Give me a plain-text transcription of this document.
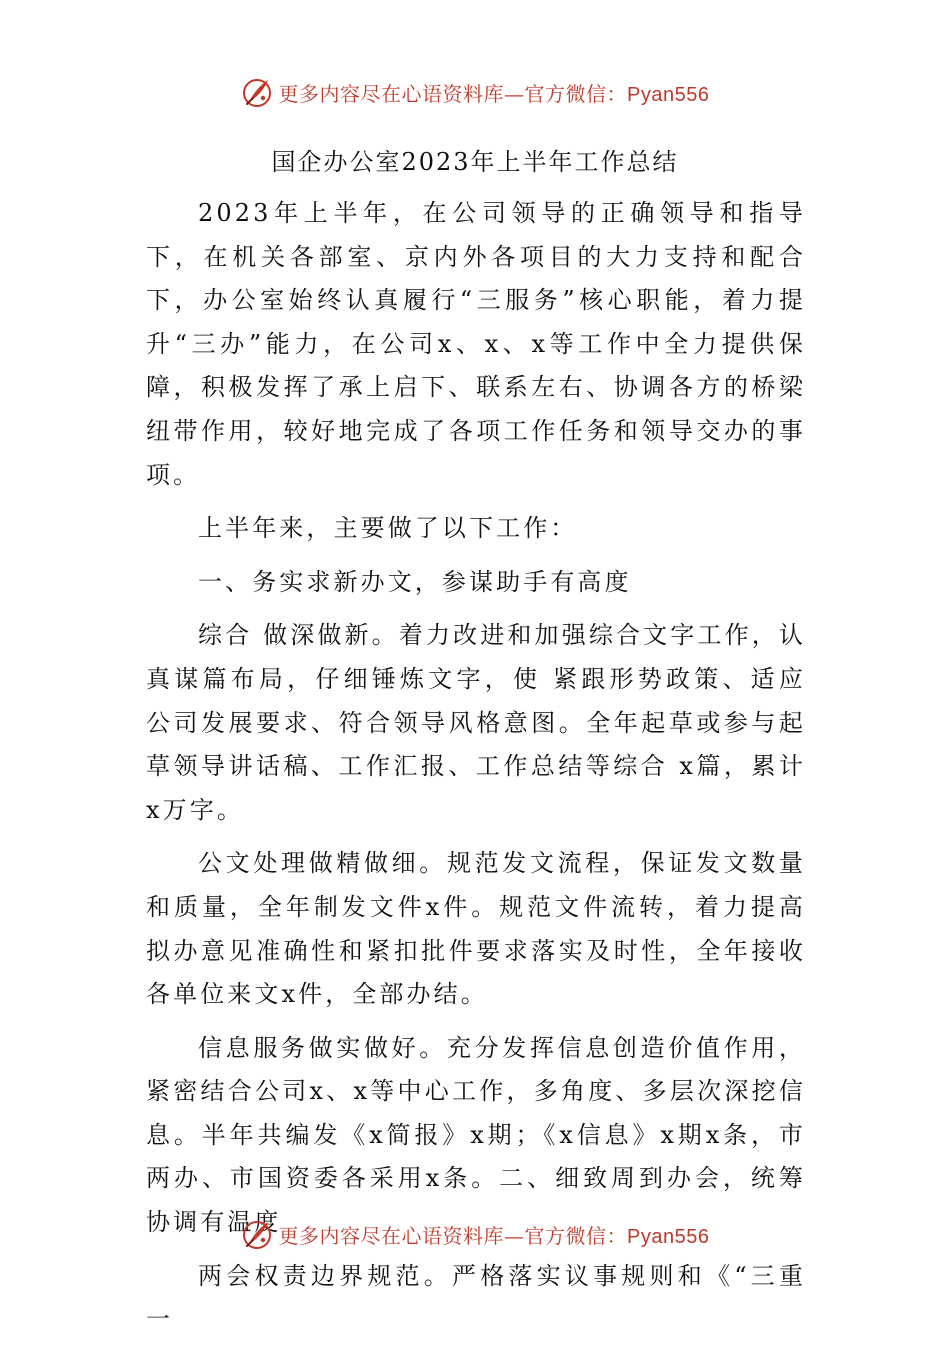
更多内容尽在心语资料库—官方微信：Pyan556
国企办公室2023年上半年工作总结

2023年上半年，在公司领导的正确领导和指导下，在机关各部室、京内外各项目的大力支持和配合下，办公室始终认真履行“三服务”核心职能，着力提升“三办”能力，在公司x、x、x等工作中全力提供保障，积极发挥了承上启下、联系左右、协调各方的桥梁纽带作用，较好地完成了各项工作任务和领导交办的事项。

上半年来，主要做了以下工作：

一、务实求新办文，参谋助手有高度

综合 做深做新。着力改进和加强综合文字工作，认真谋篇布局，仔细锤炼文字，使 紧跟形势政策、适应公司发展要求、符合领导风格意图。全年起草或参与起草领导讲话稿、工作汇报、工作总结等综合 x篇，累计x万字。

公文处理做精做细。规范发文流程，保证发文数量和质量，全年制发文件x件。规范文件流转，着力提高拟办意见准确性和紧扣批件要求落实及时性，全年接收各单位来文x件，全部办结。

信息服务做实做好。充分发挥信息创造价值作用，紧密结合公司x、x等中心工作，多角度、多层次深挖信息。半年共编发《x简报》x期；《x信息》x期x条，市两办、市国资委各采用x条。二、细致周到办会，统筹协调有温度

两会权责边界规范。严格落实议事规则和《“三重一

更多内容尽在心语资料库—官方微信：Pyan556
